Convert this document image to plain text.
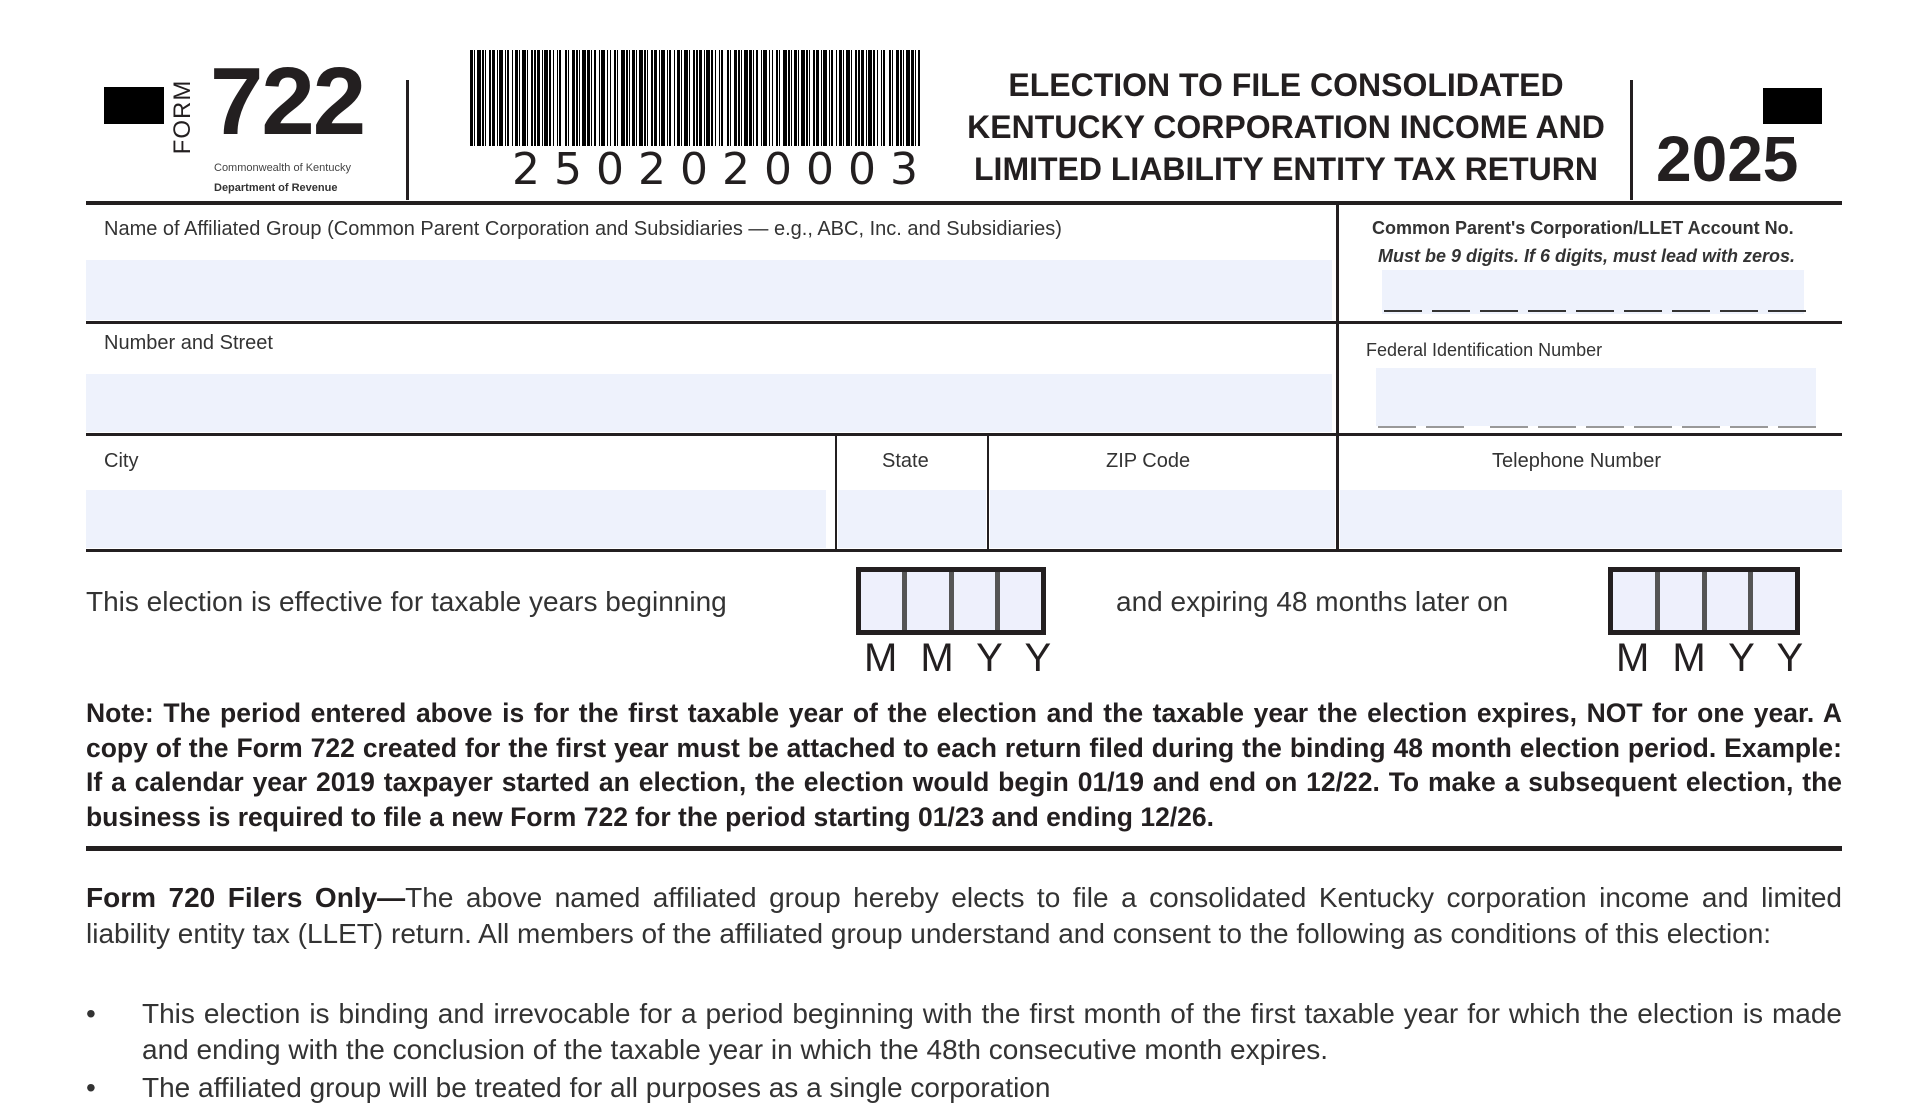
FORM 722
Commonwealth of Kentucky
Department of Revenue	2502020003
ELECTION TO FILE CONSOLIDATED
KENTUCKY CORPORATION INCOME AND
LIMITED LIABILITY ENTITY TAX RETURN 2025
Name of Affiliated Group (Common Parent Corporation and Subsidiaries — e.g., ABC, Inc. and Subsidiaries)	Common Parent's Corporation/LLET Account No.
Must be 9 digits. If 6 digits, must lead with zeros.
Number and Street	Federal Identification Number
City	State	ZIP Code	Telephone Number
This election is effective for taxable years beginning
M M Y Y
and expiring 48 months later on
M M Y Y
Note: The period entered above is for the first taxable year of the election and the taxable year the election expires, NOT for one year. A copy of the Form 722 created for the first year must be attached to each return filed during the binding 48 month election period. Example: If a calendar year 2019 taxpayer started an election, the election would begin 01/19 and end on 12/22. To make a subsequent election, the business is required to file a new Form 722 for the period starting 01/23 and ending 12/26.
Form 720 Filers Only—The above named affiliated group hereby elects to file a consolidated Kentucky corporation income and limited liability entity tax (LLET) return. All members of the affiliated group understand and consent to the following as conditions of this election:
• This election is binding and irrevocable for a period beginning with the first month of the first taxable year for which the election is made and ending with the conclusion of the taxable year in which the 48th consecutive month expires.
• The affiliated group will be treated for all purposes as a single corporation
